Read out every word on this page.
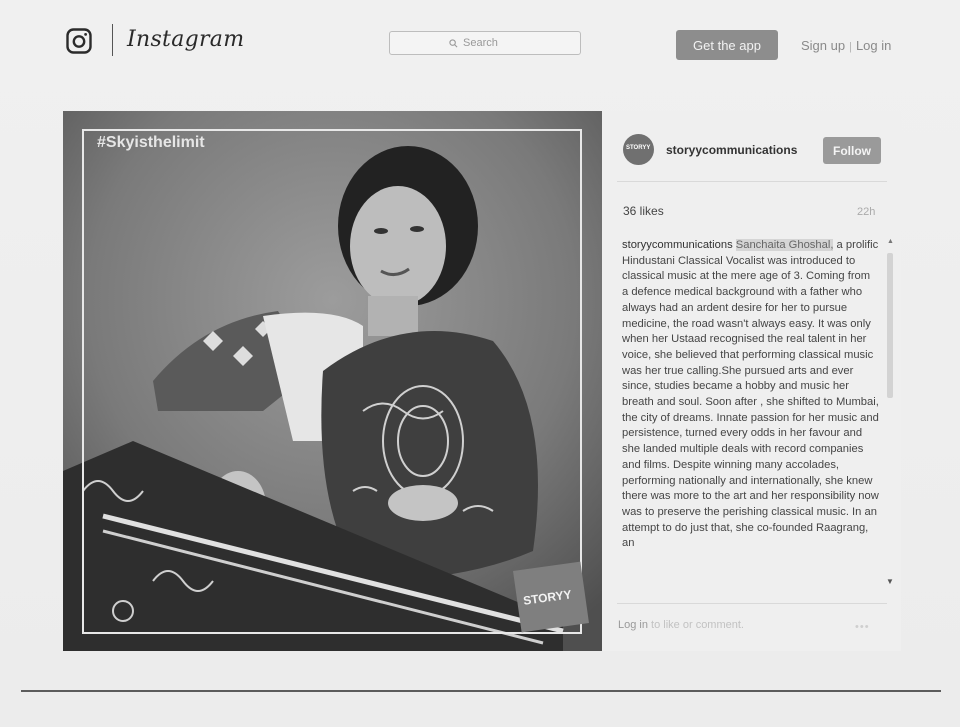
Instagram
Search	Get the app	Sign up | Log in
#Skyisthelimit
STORYY
STORYY storyycommunications	Follow
36 likes	22h
storyycommunications Sanchaita Ghoshal, a prolific Hindustani Classical Vocalist was introduced to classical music at the mere age of 3. Coming from a defence medical background with a father who always had an ardent desire for her to pursue medicine, the road wasn't always easy. It was only when her Ustaad recognised the real talent in her voice, she believed that performing classical music was her true calling.She pursued arts and ever since, studies became a hobby and music her breath and soul. Soon after , she shifted to Mumbai, the city of dreams. Innate passion for her music and persistence, turned every odds in her favour and she landed multiple deals with record companies and films. Despite winning many accolades, performing nationally and internationally, she knew there was more to the art and her responsibility now was to preserve the perishing classical music. In an attempt to do just that, she co-founded Raagrang, an
▲
▼
Log in to like or comment.	•••
